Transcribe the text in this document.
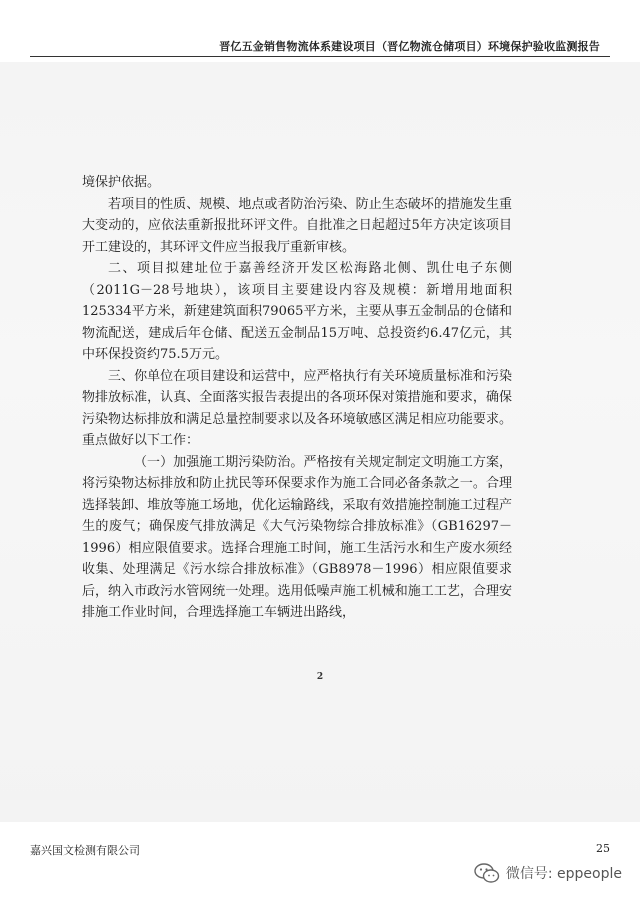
晋亿五金销售物流体系建设项目（晋亿物流仓储项目）环境保护验收监测报告

境保护依据。

若项目的性质、规模、地点或者防治污染、防止生态破坏的措施发生重大变动的，应依法重新报批环评文件。自批准之日起超过5年方决定该项目开工建设的，其环评文件应当报我厅重新审核。

二、项目拟建址位于嘉善经济开发区松海路北侧、凯仕电子东侧（2011G－28号地块），该项目主要建设内容及规模：新增用地面积125334平方米，新建建筑面积79065平方米，主要从事五金制品的仓储和物流配送，建成后年仓储、配送五金制品15万吨、总投资约6.47亿元，其中环保投资约75.5万元。

三、你单位在项目建设和运营中，应严格执行有关环境质量标准和污染物排放标准，认真、全面落实报告表提出的各项环保对策措施和要求，确保污染物达标排放和满足总量控制要求以及各环境敏感区满足相应功能要求。重点做好以下工作：

（一）加强施工期污染防治。严格按有关规定制定文明施工方案，将污染物达标排放和防止扰民等环保要求作为施工合同必备条款之一。合理选择装卸、堆放等施工场地，优化运输路线，采取有效措施控制施工过程产生的废气；确保废气排放满足《大气污染物综合排放标准》（GB16297－1996）相应限值要求。选择合理施工时间，施工生活污水和生产废水须经收集、处理满足《污水综合排放标准》（GB8978－1996）相应限值要求后，纳入市政污水管网统一处理。选用低噪声施工机械和施工工艺，合理安排施工作业时间，合理选择施工车辆进出路线，

2
嘉兴国文检测有限公司	25
微信号: eppeople
